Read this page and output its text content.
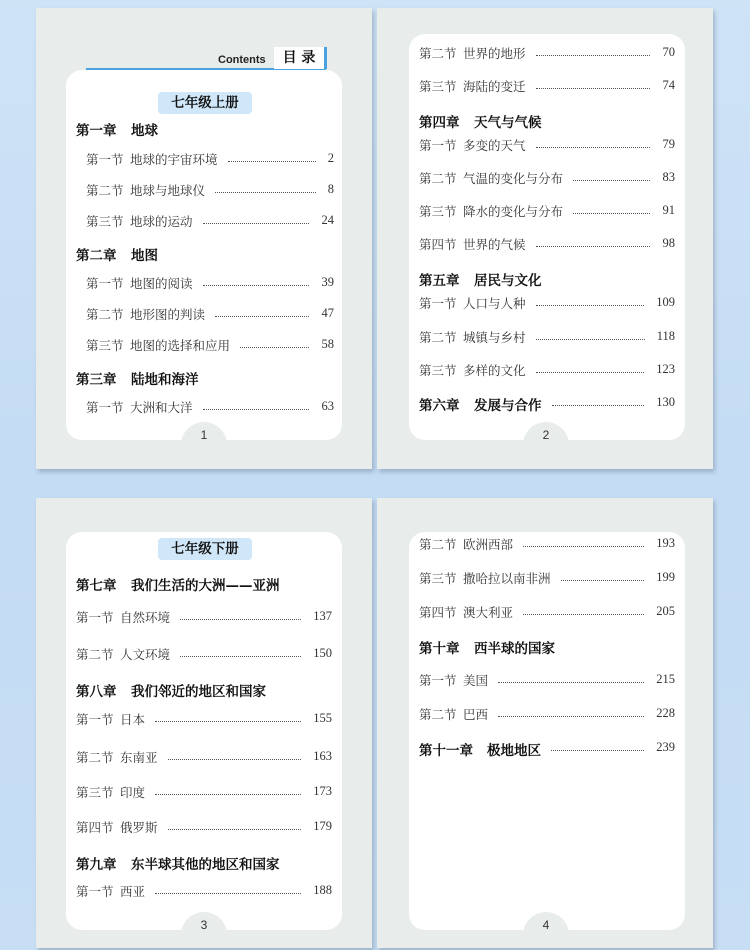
Contents	目 录
1
七年级上册
第一章 地球
第一节 地球的宇宙环境	2
第二节 地球与地球仪	8
第三节 地球的运动	24
第二章 地图
第一节 地图的阅读	39
第二节 地形图的判读	47
第三节 地图的选择和应用	58
第三章 陆地和海洋
第一节 大洲和大洋	63
2
第二节 世界的地形	70
第三节 海陆的变迁	74
第四章 天气与气候
第一节 多变的天气	79
第二节 气温的变化与分布	83
第三节 降水的变化与分布	91
第四节 世界的气候	98
第五章 居民与文化
第一节 人口与人种	109
第二节 城镇与乡村	118
第三节 多样的文化	123
第六章 发展与合作	130
3
七年级下册
第七章 我们生活的大洲——亚洲
第一节 自然环境	137
第二节 人文环境	150
第八章 我们邻近的地区和国家
第一节 日本	155
第二节 东南亚	163
第三节 印度	173
第四节 俄罗斯	179
第九章 东半球其他的地区和国家
第一节 西亚	188
4
第二节 欧洲西部	193
第三节 撒哈拉以南非洲	199
第四节 澳大利亚	205
第十章 西半球的国家
第一节 美国	215
第二节 巴西	228
第十一章 极地地区	239
